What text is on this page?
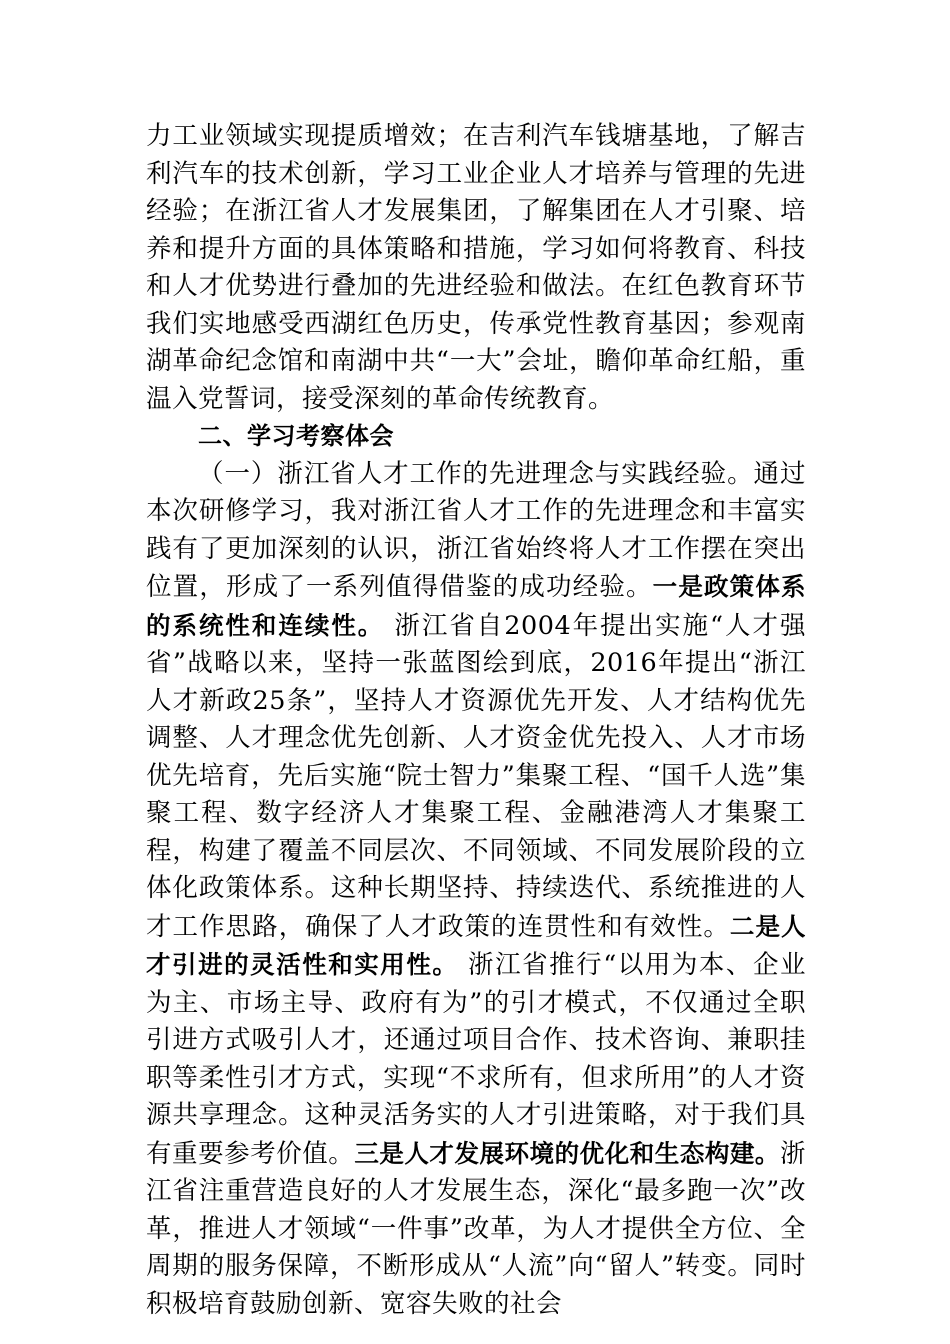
力工业领域实现提质增效；在吉利汽车钱塘基地，了解吉利汽车的技术创新，学习工业企业人才培养与管理的先进经验；在浙江省人才发展集团，了解集团在人才引聚、培养和提升方面的具体策略和措施，学习如何将教育、科技和人才优势进行叠加的先进经验和做法。在红色教育环节我们实地感受西湖红色历史，传承党性教育基因；参观南湖革命纪念馆和南湖中共“一大”会址，瞻仰革命红船，重温入党誓词，接受深刻的革命传统教育。

二、学习考察体会

（一）浙江省人才工作的先进理念与实践经验。通过本次研修学习，我对浙江省人才工作的先进理念和丰富实践有了更加深刻的认识，浙江省始终将人才工作摆在突出位置，形成了一系列值得借鉴的成功经验。一是政策体系的系统性和连续性。 浙江省自2004年提出实施“人才强省”战略以来，坚持一张蓝图绘到底，2016年提出“浙江人才新政25条”，坚持人才资源优先开发、人才结构优先调整、人才理念优先创新、人才资金优先投入、人才市场优先培育，先后实施“院士智力”集聚工程、“国千人选”集聚工程、数字经济人才集聚工程、金融港湾人才集聚工程，构建了覆盖不同层次、不同领域、不同发展阶段的立体化政策体系。这种长期坚持、持续迭代、系统推进的人才工作思路，确保了人才政策的连贯性和有效性。二是人才引进的灵活性和实用性。 浙江省推行“以用为本、企业为主、市场主导、政府有为”的引才模式，不仅通过全职引进方式吸引人才，还通过项目合作、技术咨询、兼职挂职等柔性引才方式，实现“不求所有，但求所用”的人才资源共享理念。这种灵活务实的人才引进策略，对于我们具有重要参考价值。三是人才发展环境的优化和生态构建。浙江省注重营造良好的人才发展生态，深化“最多跑一次”改革，推进人才领域“一件事”改革，为人才提供全方位、全周期的服务保障，不断形成从“人流”向“留人”转变。同时积极培育鼓励创新、宽容失败的社会
